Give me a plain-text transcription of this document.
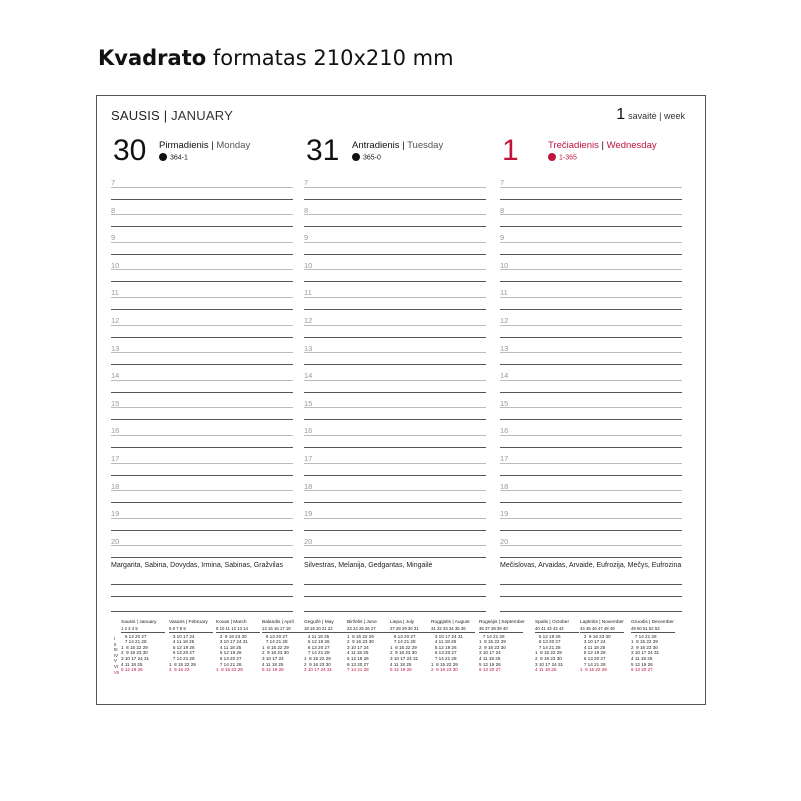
Kvadrato formatas 210x210 mm
SAUSIS | JANUARY	1 savaitė | week
30 Pirmadienis | Monday
364-1
7
8
9
10
11
12
13
14
15
16
17
18
19
20
Margarita, Sabina, Dovydas, Irmina, Sabinas, Gražvilas
31 Antradienis | Tuesday
365-0
7
8
9
10
11
12
13
14
15
16
17
18
19
20
Silvestras, Melanija, Gedgantas, Mingailė
1	Trečiadienis | Wednesday
1-365
7
8
9
10
11
12
13
14
15
16
17
18
19
20
Mečislovas, Arvaidas, Arvaidė, Eufrozija, Mečys, Eufrozina
I
II
III
IV
V
VI
VII
Sausis | January
1 2 3 4 5
6 13 20 27
7 14 21 28
1  8 15 22 29
2  9 16 23 30
3 10 17 24 31
4 11 18 25
5 12 19 26
Vasaris | February
5 6 7 8 9
3 10 17 24
4 11 18 25
5 12 19 26
6 13 20 27
7 14 21 28
1  8 15 22 29
2  9 16 23
Kovas | March
9 10 11 12 13 14
2  9 16 23 30
3 10 17 24 31
4 11 18 25
5 12 19 26
6 13 20 27
7 14 21 28
1  8 15 22 29
Balandis | April
14 15 16 17 18
6 13 20 27
7 14 21 28
1  8 15 22 29
2  9 16 23 30
3 10 17 24
4 11 18 25
5 12 19 26
Gegužė | May
18 19 20 21 22
4 11 18 25
5 12 19 26
6 13 20 27
7 14 21 28
1  8 15 22 29
2  9 16 23 30
3 10 17 24 31
Birželis | June
23 24 25 26 27
1  8 15 22 29
2  9 16 23 30
3 10 17 24
4 11 18 25
5 12 19 26
6 13 20 27
7 14 21 28
Liepa | July
27 28 29 30 31
6 13 20 27
7 14 21 28
1  8 15 22 29
2  9 16 23 30
3 10 17 24 31
4 11 18 25
5 12 19 26
Rugpjūtis | August
31 32 33 34 35 36
3 10 17 24 31
4 11 18 25
5 12 19 26
6 13 20 27
7 14 21 28
1  8 15 22 29
2  9 16 23 30
Rugsėjis | September
36 37 38 39 40
7 14 21 28
1  8 15 22 29
2  9 16 23 30
3 10 17 24
4 11 18 25
5 12 19 26
6 13 20 27
Spalis | October
40 41 42 43 44
5 12 19 26
6 13 20 27
7 14 21 28
1  8 15 22 29
2  9 16 23 30
3 10 17 24 31
4 11 18 25
Lapkritis | November
44 45 46 47 48 49
2  9 16 23 30
3 10 17 24
4 11 18 25
5 12 19 26
6 13 20 27
7 14 21 28
1  8 15 22 29
Gruodis | December
49 50 51 52 53
7 14 21 28
1  8 15 22 29
2  9 16 23 30
3 10 17 24 31
4 11 18 25
5 12 19 26
6 13 20 27
